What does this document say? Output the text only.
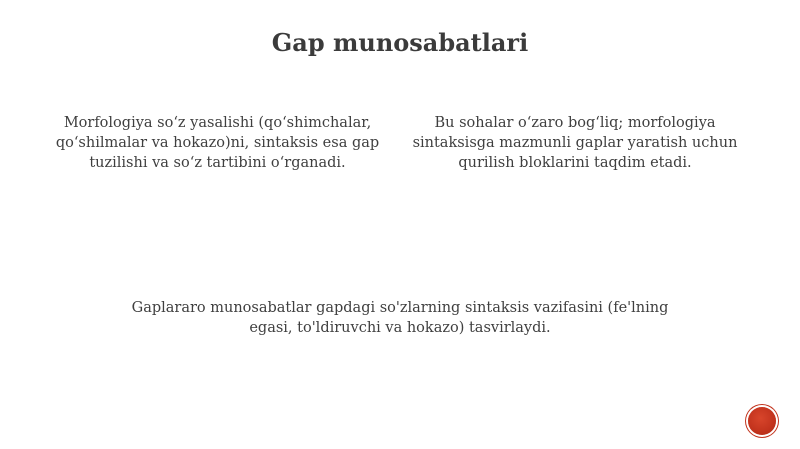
Gap munosabatlari
Morfologiya so‘z yasalishi (qo‘shimchalar, qo‘shilmalar va hokazo)ni, sintaksis esa gap tuzilishi va so‘z tartibini o‘rganadi.
Bu sohalar o‘zaro bog‘liq; morfologiya sintaksisga mazmunli gaplar yaratish uchun qurilish bloklarini taqdim etadi.
Gaplararo munosabatlar gapdagi so'zlarning sintaksis vazifasini (fe'lning egasi, to'ldiruvchi va hokazo) tasvirlaydi.
